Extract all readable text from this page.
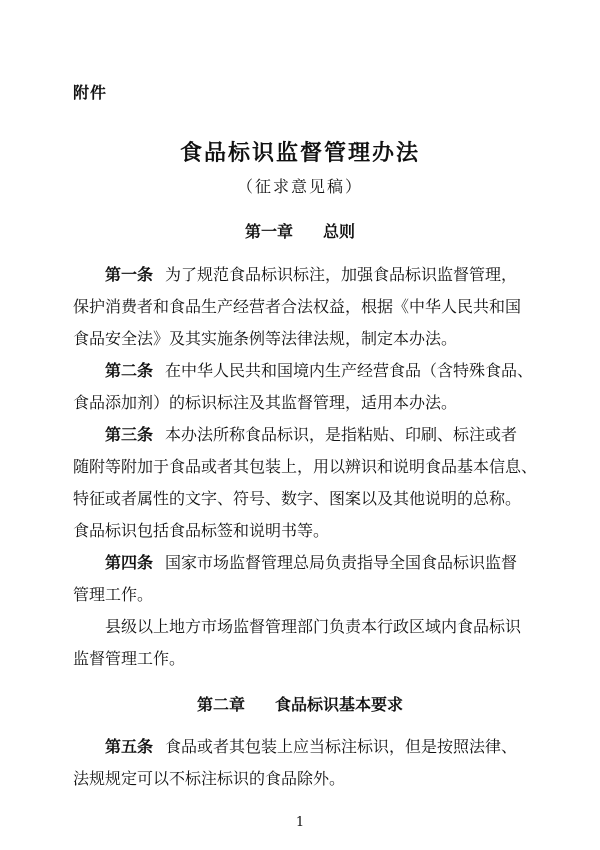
附件
食品标识监督管理办法
（征求意见稿）
第一章 总则
第一条 为了规范食品标识标注，加强食品标识监督管理，
保护消费者和食品生产经营者合法权益，根据《中华人民共和国
食品安全法》及其实施条例等法律法规，制定本办法。
第二条 在中华人民共和国境内生产经营食品（含特殊食品、
食品添加剂）的标识标注及其监督管理，适用本办法。
第三条 本办法所称食品标识，是指粘贴、印刷、标注或者
随附等附加于食品或者其包装上，用以辨识和说明食品基本信息、
特征或者属性的文字、符号、数字、图案以及其他说明的总称。
食品标识包括食品标签和说明书等。
第四条 国家市场监督管理总局负责指导全国食品标识监督
管理工作。
县级以上地方市场监督管理部门负责本行政区域内食品标识
监督管理工作。
第二章 食品标识基本要求
第五条 食品或者其包装上应当标注标识，但是按照法律、
法规规定可以不标注标识的食品除外。
1
